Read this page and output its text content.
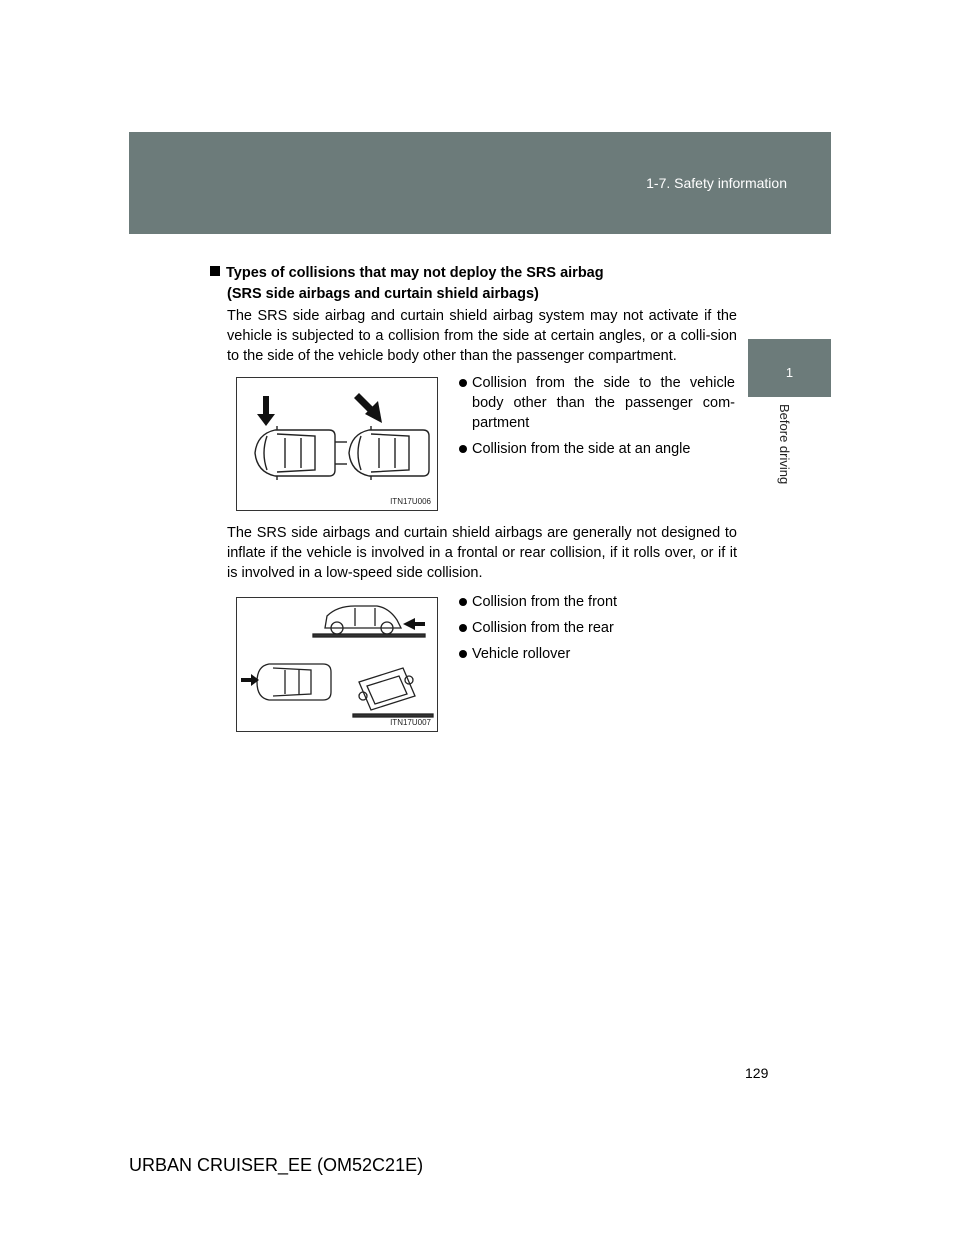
1-7. Safety information
1
Before driving
Types of collisions that may not deploy the SRS airbag
(SRS side airbags and curtain shield airbags)
The SRS side airbag and curtain shield airbag system may not activate if the vehicle is subjected to a collision from the side at certain angles, or a colli-sion to the side of the vehicle body other than the passenger compartment.
ITN17U006
Collision from the side to the vehicle body other than the passenger com-partment
Collision from the side at an angle
The SRS side airbags and curtain shield airbags are generally not designed to inflate if the vehicle is involved in a frontal or rear collision, if it rolls over, or if it is involved in a low-speed side collision.
ITN17U007
Collision from the front
Collision from the rear
Vehicle rollover
129
URBAN CRUISER_EE (OM52C21E)
